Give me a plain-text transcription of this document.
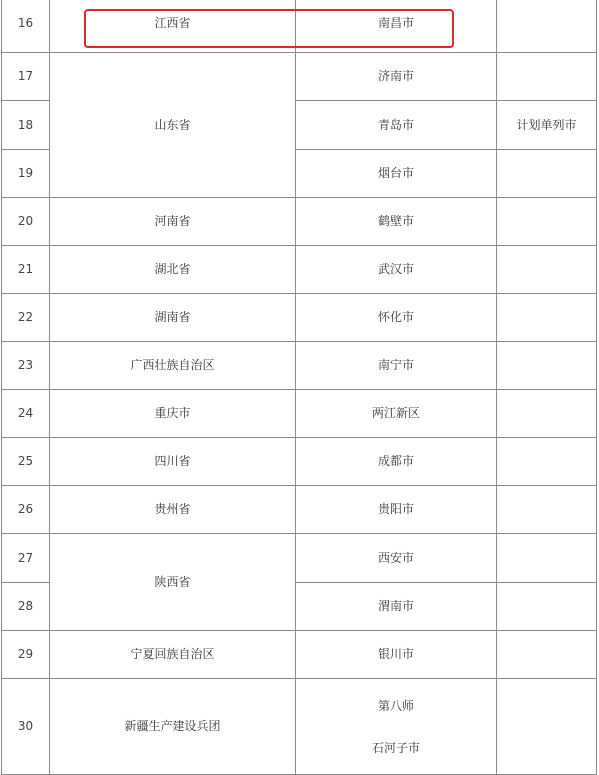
16	江西省	南昌市	
17	山东省	济南市	
18		青岛市	计划单列市
19		烟台市	
20	河南省	鹤壁市	
21	湖北省	武汉市	
22	湖南省	怀化市	
23	广西壮族自治区	南宁市	
24	重庆市	两江新区	
25	四川省	成都市	
26	贵州省	贵阳市	
27	陕西省	西安市	
28		渭南市	
29	宁夏回族自治区	银川市	
30	新疆生产建设兵团	第八师
石河子市	
